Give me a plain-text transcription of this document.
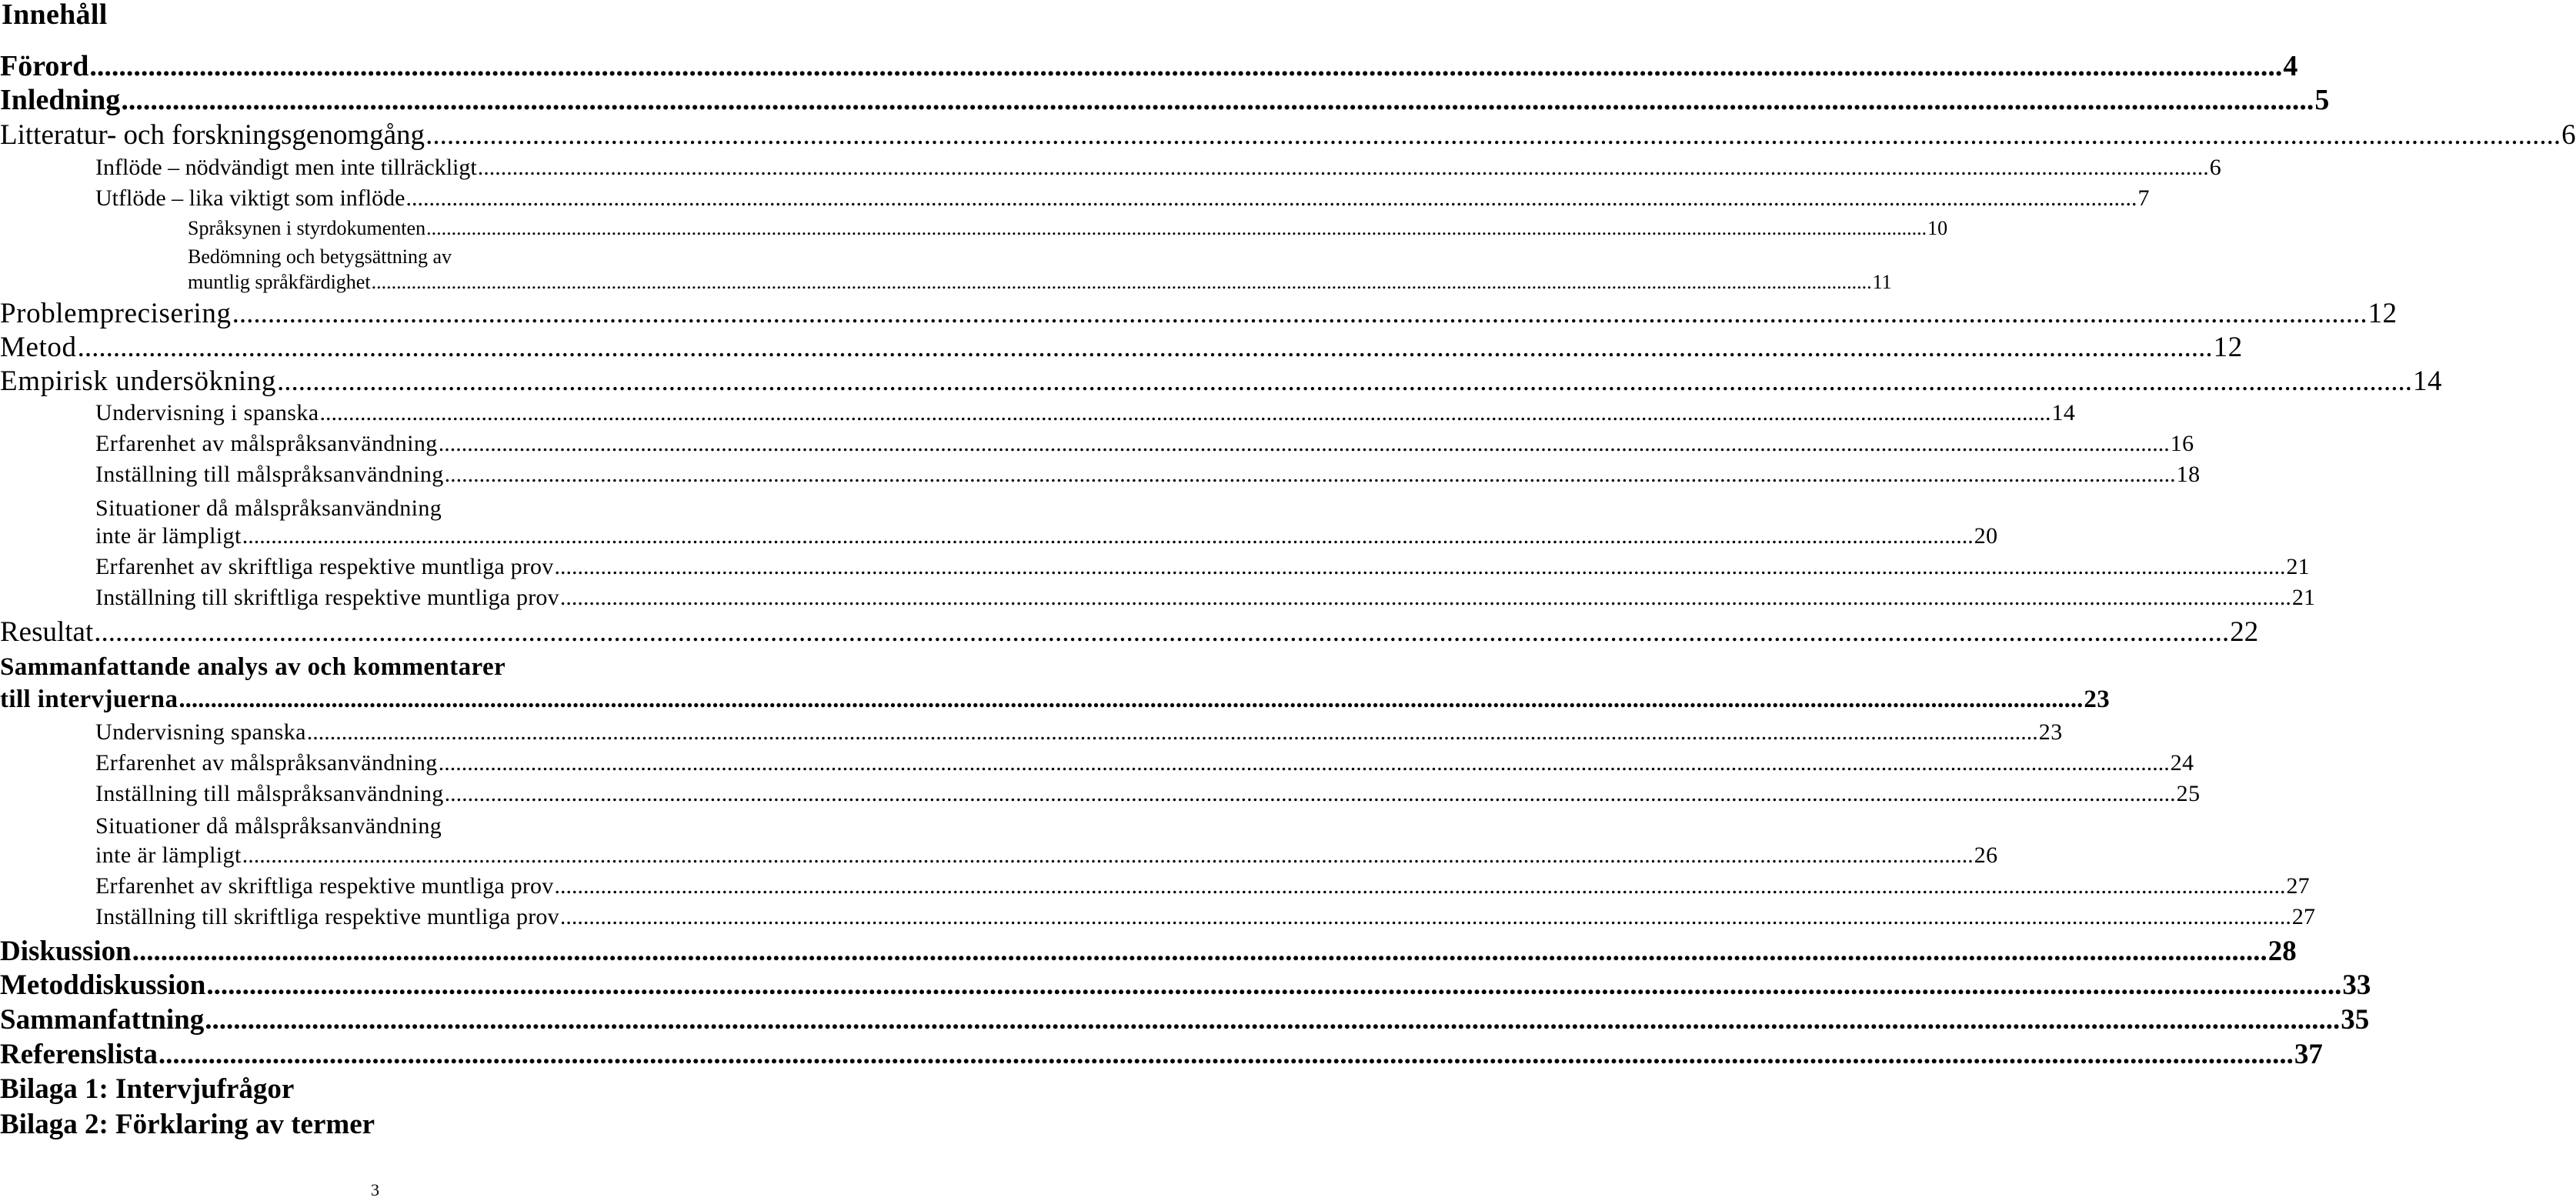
Innehåll
Förord ............................................................................................................................................................................................................................................................................................................ 4
Inledning ............................................................................................................................................................................................................................................................................................................ 5
Litteratur- och forskningsgenomgång ............................................................................................................................................................................................................................................................................................................ 6
Inflöde – nödvändigt men inte tillräckligt ............................................................................................................................................................................................................................................................................................................ 6
Utflöde – lika viktigt som inflöde ............................................................................................................................................................................................................................................................................................................ 7
Språksynen i styrdokumenten ............................................................................................................................................................................................................................................................................................................ 10
Bedömning och betygsättning av
muntlig språkfärdighet ............................................................................................................................................................................................................................................................................................................ 11
Problemprecisering ............................................................................................................................................................................................................................................................................................................ 12
Metod ............................................................................................................................................................................................................................................................................................................ 12
Empirisk undersökning ............................................................................................................................................................................................................................................................................................................ 14
Undervisning i spanska ............................................................................................................................................................................................................................................................................................................ 14
Erfarenhet av målspråksanvändning ............................................................................................................................................................................................................................................................................................................ 16
Inställning till målspråksanvändning ............................................................................................................................................................................................................................................................................................................ 18
Situationer då målspråksanvändning
inte är lämpligt ............................................................................................................................................................................................................................................................................................................ 20
Erfarenhet av skriftliga respektive muntliga prov ............................................................................................................................................................................................................................................................................................................ 21
Inställning till skriftliga respektive muntliga prov ............................................................................................................................................................................................................................................................................................................ 21
Resultat ............................................................................................................................................................................................................................................................................................................ 22
Sammanfattande analys av och kommentarer
till intervjuerna ............................................................................................................................................................................................................................................................................................................ 23
Undervisning spanska ............................................................................................................................................................................................................................................................................................................ 23
Erfarenhet av målspråksanvändning ............................................................................................................................................................................................................................................................................................................ 24
Inställning till målspråksanvändning ............................................................................................................................................................................................................................................................................................................ 25
Situationer då målspråksanvändning
inte är lämpligt ............................................................................................................................................................................................................................................................................................................ 26
Erfarenhet av skriftliga respektive muntliga prov ............................................................................................................................................................................................................................................................................................................ 27
Inställning till skriftliga respektive muntliga prov ............................................................................................................................................................................................................................................................................................................ 27
Diskussion ............................................................................................................................................................................................................................................................................................................ 28
Metoddiskussion ............................................................................................................................................................................................................................................................................................................ 33
Sammanfattning ............................................................................................................................................................................................................................................................................................................ 35
Referenslista ............................................................................................................................................................................................................................................................................................................ 37
Bilaga 1: Intervjufrågor
Bilaga 2: Förklaring av termer
3
